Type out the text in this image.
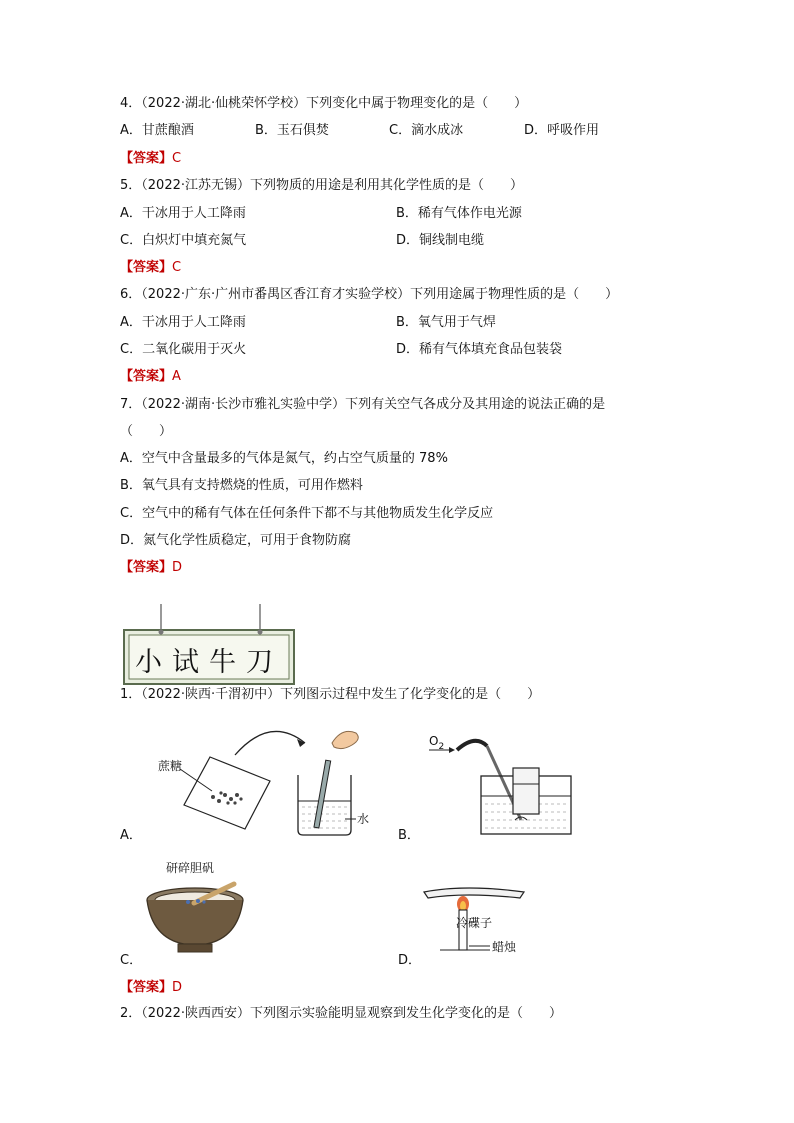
4．（2022·湖北·仙桃荣怀学校）下列变化中属于物理变化的是（　　）
A．甘蔗酿酒	B．玉石俱焚	C．滴水成冰	D．呼吸作用
【答案】C
5．（2022·江苏无锡）下列物质的用途是利用其化学性质的是（　　）
A．干冰用于人工降雨	B．稀有气体作电光源
C．白炽灯中填充氮气	D．铜线制电缆
【答案】C
6．（2022·广东·广州市番禺区香江育才实验学校）下列用途属于物理性质的是（　　）
A．干冰用于人工降雨	B．氧气用于气焊
C．二氧化碳用于灭火	D．稀有气体填充食品包装袋
【答案】A
7．（2022·湖南·长沙市雅礼实验中学）下列有关空气各成分及其用途的说法正确的是
（　　）
A．空气中含量最多的气体是氮气，约占空气质量的 78%
B．氧气具有支持燃烧的性质，可用作燃料
C．空气中的稀有气体在任何条件下都不与其他物质发生化学反应
D．氮气化学性质稳定，可用于食物防腐
【答案】D
小试牛刀
1．（2022·陕西·千渭初中）下列图示过程中发生了化学变化的是（　　）
蔗糖
水
A．
$O_2$
B．
研碎胆矾
C．
冷碟子
蜡烛
D．
【答案】D
2．（2022·陕西西安）下列图示实验能明显观察到发生化学变化的是（　　）
